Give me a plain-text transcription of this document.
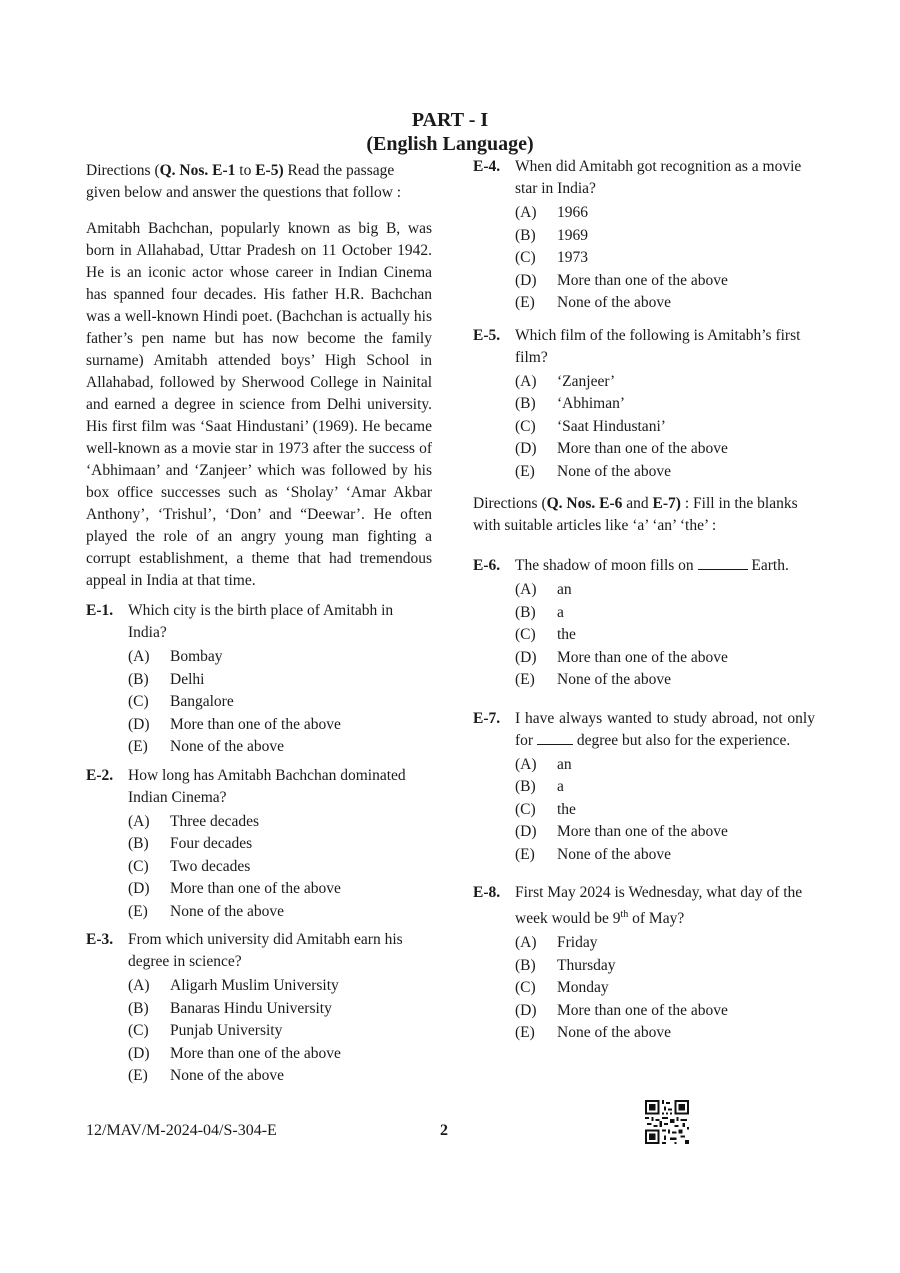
PART - I
(English Language)

Directions (Q. Nos. E-1 to E-5) Read the passage given below and answer the questions that follow :

Amitabh Bachchan, popularly known as big B, was born in Allahabad, Uttar Pradesh on 11 October 1942. He is an iconic actor whose career in Indian Cinema has spanned four decades. His father H.R. Bachchan was a well-known Hindi poet. (Bachchan is actually his father’s pen name but has now become the family surname) Amitabh attended boys’ High School in Allahabad, followed by Sherwood College in Nainital and earned a degree in science from Delhi university. His first film was ‘Saat Hindustani’ (1969). He became well-known as a movie star in 1973 after the success of ‘Abhimaan’ and ‘Zanjeer’ which was followed by his box office successes such as ‘Sholay’ ‘Amar Akbar Anthony’, ‘Trishul’, ‘Don’ and “Deewar’. He often played the role of an angry young man fighting a corrupt establishment, a theme that had tremendous appeal in India at that time.

E-1. Which city is the birth place of Amitabh in India?

(A)	Bombay
(B)	Delhi
(C)	Bangalore
(D)	More than one of the above
(E)	None of the above
E-2. How long has Amitabh Bachchan dominated Indian Cinema?

(A)	Three decades
(B)	Four decades
(C)	Two decades
(D)	More than one of the above
(E)	None of the above
E-3. From which university did Amitabh earn his degree in science?

(A)	Aligarh Muslim University
(B)	Banaras Hindu University
(C)	Punjab University
(D)	More than one of the above
(E)	None of the above
E-4. When did Amitabh got recognition as a movie star in India?

(A)	1966
(B)	1969
(C)	1973
(D)	More than one of the above
(E)	None of the above
E-5. Which film of the following is Amitabh’s first film?

(A)	‘Zanjeer’
(B)	‘Abhiman’
(C)	‘Saat Hindustani’
(D)	More than one of the above
(E)	None of the above

Directions (Q. Nos. E-6 and E-7) : Fill in the blanks with suitable articles like ‘a’ ‘an’ ‘the’ :

E-6. The shadow of moon fills on	Earth.

(A)	an
(B)	a
(C)	the
(D)	More than one of the above
(E)	None of the above
E-7. I have always wanted to study abroad, not only for  degree but also for the experience.

(A)	an
(B)	a
(C)	the
(D)	More than one of the above
(E)	None of the above
E-8. First May 2024 is Wednesday, what day of the week would be 9th of May?

(A)	Friday
(B)	Thursday
(C)	Monday
(D)	More than one of the above
(E)	None of the above
12/MAV/M-2024-04/S-304-E	2
